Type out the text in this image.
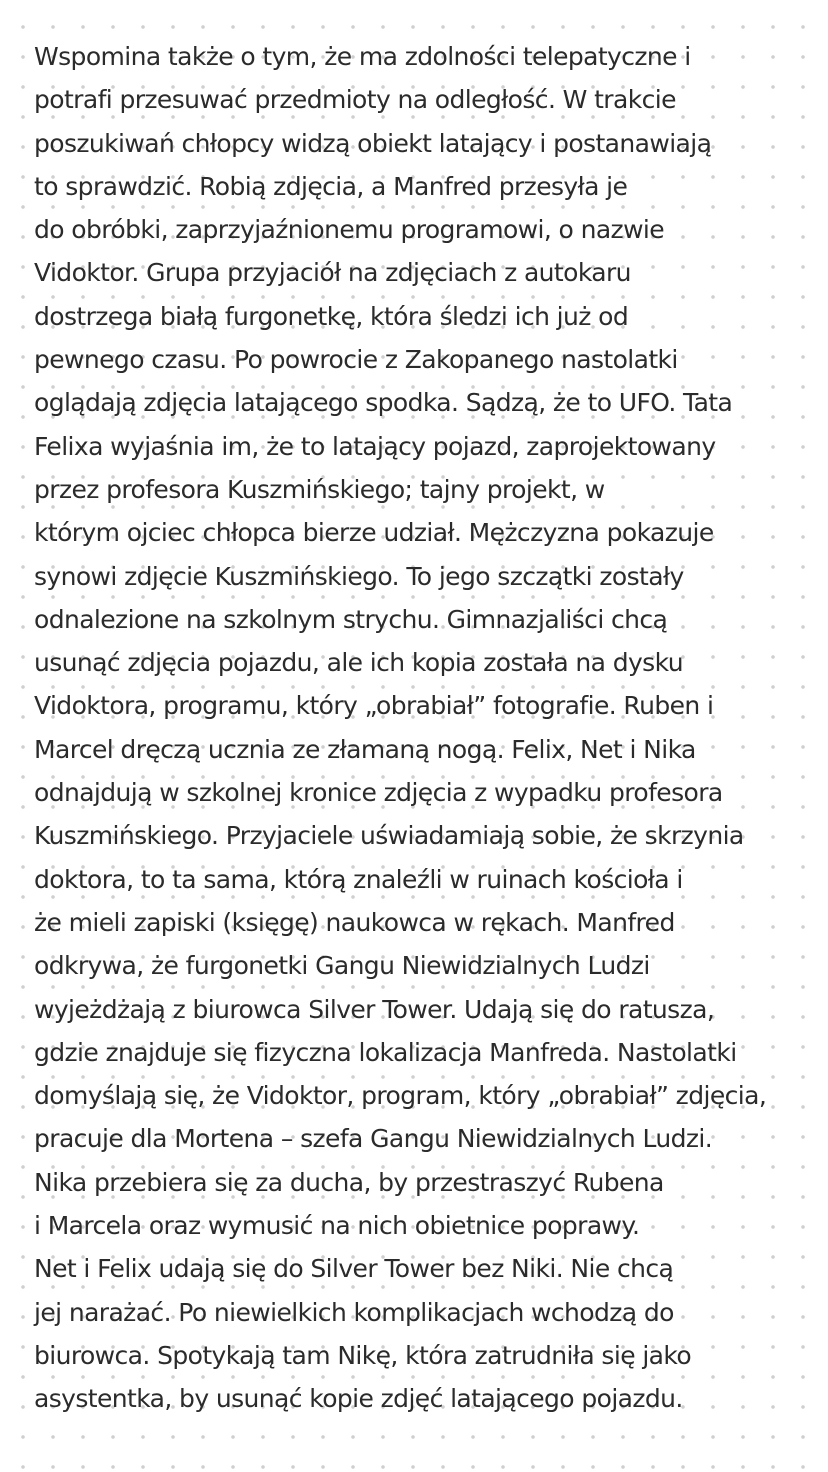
Wspomina także o tym, że ma zdolności telepatyczne i
potrafi przesuwać przedmioty na odległość. W trakcie
poszukiwań chłopcy widzą obiekt latający i postanawiają
to sprawdzić. Robią zdjęcia, a Manfred przesyła je
do obróbki, zaprzyjaźnionemu programowi, o nazwie
Vidoktor. Grupa przyjaciół na zdjęciach z autokaru
dostrzega białą furgonetkę, która śledzi ich już od
pewnego czasu. Po powrocie z Zakopanego nastolatki
oglądają zdjęcia latającego spodka. Sądzą, że to UFO. Tata
Felixa wyjaśnia im, że to latający pojazd, zaprojektowany
przez profesora Kuszmińskiego; tajny projekt, w
którym ojciec chłopca bierze udział. Mężczyzna pokazuje
synowi zdjęcie Kuszmińskiego. To jego szczątki zostały
odnalezione na szkolnym strychu. Gimnazjaliści chcą
usunąć zdjęcia pojazdu, ale ich kopia została na dysku
Vidoktora, programu, który „obrabiał” fotografie. Ruben i
Marcel dręczą ucznia ze złamaną nogą. Felix, Net i Nika
odnajdują w szkolnej kronice zdjęcia z wypadku profesora
Kuszmińskiego. Przyjaciele uświadamiają sobie, że skrzynia
doktora, to ta sama, którą znaleźli w ruinach kościoła i
że mieli zapiski (księgę) naukowca w rękach. Manfred
odkrywa, że furgonetki Gangu Niewidzialnych Ludzi
wyjeżdżają z biurowca Silver Tower. Udają się do ratusza,
gdzie znajduje się fizyczna lokalizacja Manfreda. Nastolatki
domyślają się, że Vidoktor, program, który „obrabiał” zdjęcia,
pracuje dla Mortena – szefa Gangu Niewidzialnych Ludzi.
Nika przebiera się za ducha, by przestraszyć Rubena
i Marcela oraz wymusić na nich obietnice poprawy.
Net i Felix udają się do Silver Tower bez Niki. Nie chcą
jej narażać. Po niewielkich komplikacjach wchodzą do
biurowca. Spotykają tam Nikę, która zatrudniła się jako
asystentka, by usunąć kopie zdjęć latającego pojazdu.
